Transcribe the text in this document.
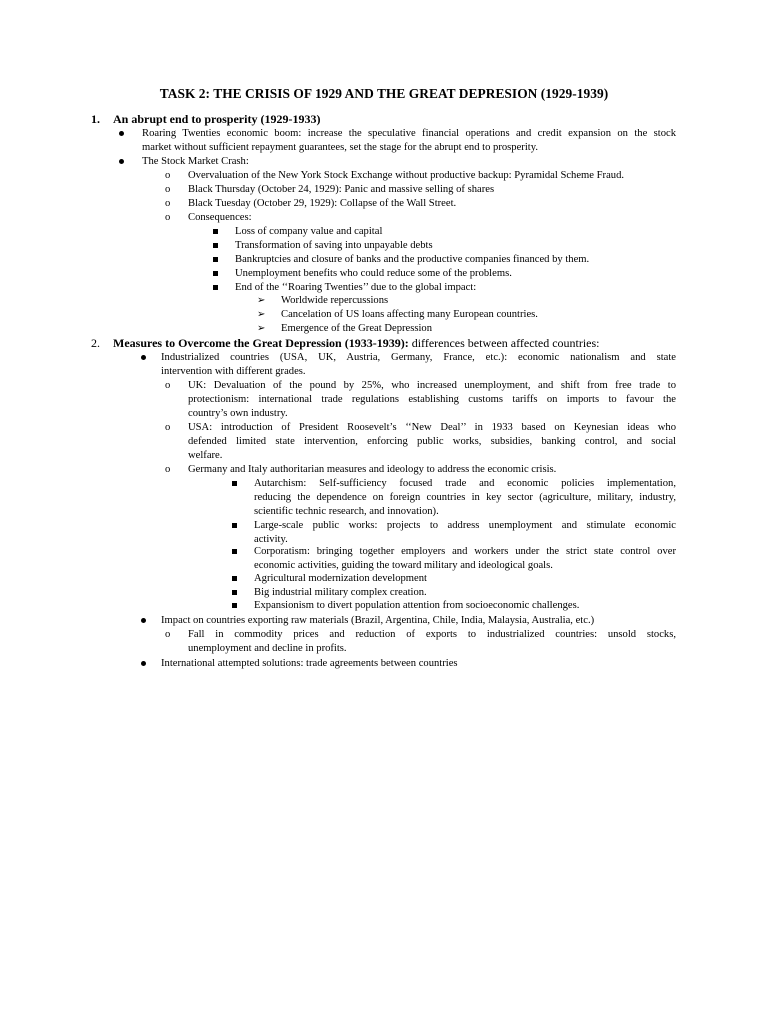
TASK 2: THE CRISIS OF 1929 AND THE GREAT DEPRESION (1929-1939)
1. An abrupt end to prosperity (1929-1933)
Roaring Twenties economic boom: increase the speculative financial operations and credit expansion on the stock
market without sufficient repayment guarantees, set the stage for the abrupt end to prosperity.
The Stock Market Crash:
o Overvaluation of the New York Stock Exchange without productive backup: Pyramidal Scheme Fraud.
o Black Thursday (October 24, 1929): Panic and massive selling of shares
o Black Tuesday (October 29, 1929): Collapse of the Wall Street.
o Consequences:
Loss of company value and capital
Transformation of saving into unpayable debts
Bankruptcies and closure of banks and the productive companies financed by them.
Unemployment benefits who could reduce some of the problems.
End of the ‘‘Roaring Twenties’’ due to the global impact:
➢ Worldwide repercussions
➢ Cancelation of US loans affecting many European countries.
➢ Emergence of the Great Depression
2. Measures to Overcome the Great Depression (1933-1939): differences between affected countries:
Industrialized countries (USA, UK, Austria, Germany, France, etc.): economic nationalism and state
intervention with different grades.
o UK: Devaluation of the pound by 25%, who increased unemployment, and shift from free trade to
protectionism: international trade regulations establishing customs tariffs on imports to favour the
country’s own industry.
o USA: introduction of President Roosevelt’s ‘‘New Deal’’ in 1933 based on Keynesian ideas who
defended limited state intervention, enforcing public works, subsidies, banking control, and social
welfare.
o Germany and Italy authoritarian measures and ideology to address the economic crisis.
Autarchism: Self-sufficiency focused trade and economic policies implementation,
reducing the dependence on foreign countries in key sector (agriculture, military, industry,
scientific technic research, and innovation).
Large-scale public works: projects to address unemployment and stimulate economic
activity.
Corporatism: bringing together employers and workers under the strict state control over
economic activities, guiding the toward military and ideological goals.
Agricultural modernization development
Big industrial military complex creation.
Expansionism to divert population attention from socioeconomic challenges.
Impact on countries exporting raw materials (Brazil, Argentina, Chile, India, Malaysia, Australia, etc.)
o Fall in commodity prices and reduction of exports to industrialized countries: unsold stocks,
unemployment and decline in profits.
International attempted solutions: trade agreements between countries
